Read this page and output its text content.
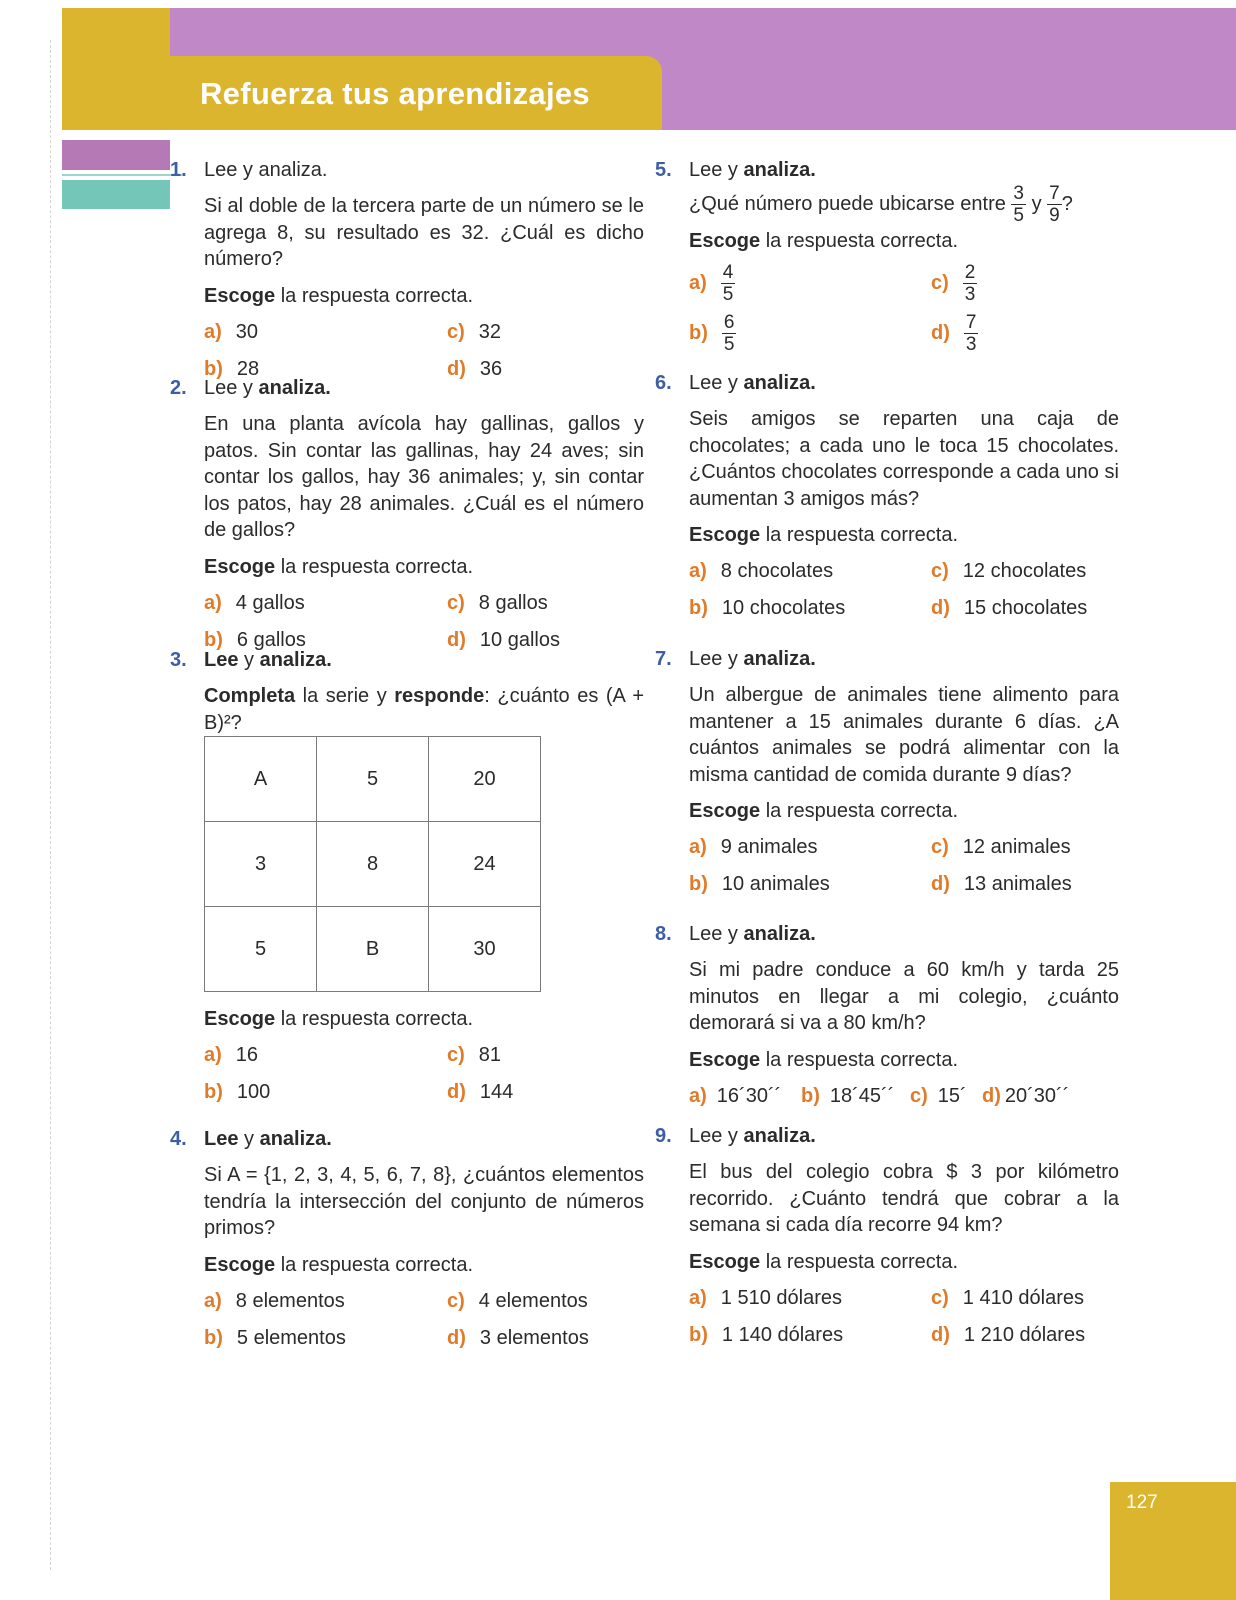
Refuerza tus aprendizajes
1. Lee y analiza.
Si al doble de la tercera parte de un número se le agrega 8, su resultado es 32. ¿Cuál es dicho número?
Escoge la respuesta correcta.
a) 30
b) 28
c) 32
d) 36
2. Lee y analiza.
En una planta avícola hay gallinas, gallos y patos. Sin contar las gallinas, hay 24 aves; sin contar los gallos, hay 36 animales; y, sin contar los patos, hay 28 animales. ¿Cuál es el número de gallos?
Escoge la respuesta correcta.
a) 4 gallos
b) 6 gallos
c) 8 gallos
d) 10 gallos
3. Lee y analiza.
Completa la serie y responde: ¿cuánto es (A + B)²?
A	5	20
3	8	24
5	B	30
Escoge la respuesta correcta.
a) 16
b) 100
c) 81
d) 144
4. Lee y analiza.
Si A = {1, 2, 3, 4, 5, 6, 7, 8}, ¿cuántos elementos tendría la intersección del conjunto de números primos?
Escoge la respuesta correcta.
a) 8 elementos
b) 5 elementos
c) 4 elementos
d) 3 elementos
5. Lee y analiza.
¿Qué número puede ubicarse entre $\frac{3}{5}$ y $\frac{7}{9}$ ?
Escoge la respuesta correcta.
$a) \frac{4}{5}$
$b) \frac{6}{5}$
$c) \frac{2}{3}$
$d) \frac{7}{3}$
6. Lee y analiza.
Seis amigos se reparten una caja de chocolates; a cada uno le toca 15 chocolates. ¿Cuántos chocolates corresponde a cada uno si aumentan 3 amigos más?
Escoge la respuesta correcta.
a) 8 chocolates
b) 10 chocolates
c) 12 chocolates
d) 15 chocolates
7. Lee y analiza.
Un albergue de animales tiene alimento para mantener a 15 animales durante 6 días. ¿A cuántos animales se podrá alimentar con la misma cantidad de comida durante 9 días?
Escoge la respuesta correcta.
a) 9 animales
b) 10 animales
c) 12 animales
d) 13 animales
8. Lee y analiza.
Si mi padre conduce a 60 km/h y tarda 25 minutos en llegar a mi colegio, ¿cuánto demorará si va a 80 km/h?
Escoge la respuesta correcta.
a) 16´30´´ b) 18´45´´ c) 15´ d) 20´30´´
9. Lee y analiza.
El bus del colegio cobra $ 3 por kilómetro recorrido. ¿Cuánto tendrá que cobrar a la semana si cada día recorre 94 km?
Escoge la respuesta correcta.
a) 1 510 dólares
b) 1 140 dólares
c) 1 410 dólares
d) 1 210 dólares
127
